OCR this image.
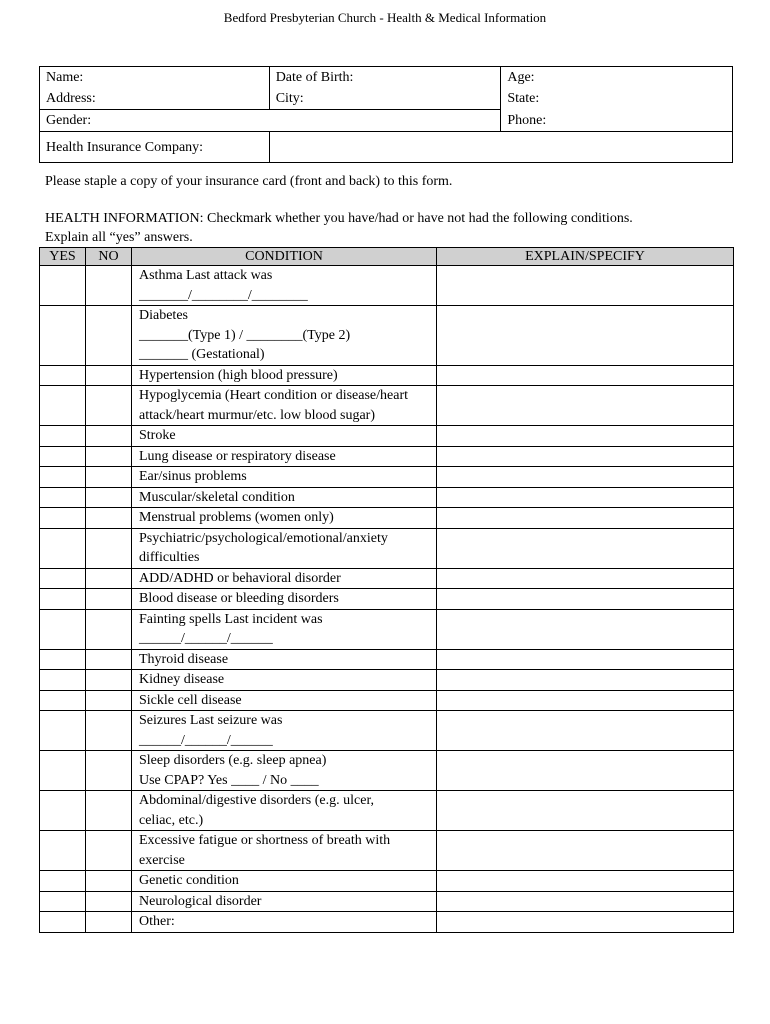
Bedford Presbyterian Church - Health & Medical Information
Name:	Date of Birth:	Age:
Address:	City:	State:
Gender:		Phone:
Health Insurance Company:		
Please staple a copy of your insurance card (front and back) to this form.
HEALTH INFORMATION: Checkmark whether you have/had or have not had the following conditions.
Explain all “yes” answers.
YES	NO	CONDITION	EXPLAIN/SPECIFY

		Asthma Last attack was
_______/________/________	

		Diabetes
_______(Type 1) / ________(Type 2)
_______ (Gestational)	

		Hypertension (high blood pressure)	

		Hypoglycemia (Heart condition or disease/heart
attack/heart murmur/etc. low blood sugar)	

		Stroke	

		Lung disease or respiratory disease	

		Ear/sinus problems	

		Muscular/skeletal condition	

		Menstrual problems (women only)	

		Psychiatric/psychological/emotional/anxiety
difficulties	

		ADD/ADHD or behavioral disorder	

		Blood disease or bleeding disorders	

		Fainting spells Last incident was
______/______/______	

		Thyroid disease	

		Kidney disease	

		Sickle cell disease	

		Seizures Last seizure was
______/______/______	

		Sleep disorders (e.g. sleep apnea)
Use CPAP? Yes ____ / No ____	

		Abdominal/digestive disorders (e.g. ulcer,
celiac, etc.)	

		Excessive fatigue or shortness of breath with
exercise	

		Genetic condition	

		Neurological disorder	

		Other:	
